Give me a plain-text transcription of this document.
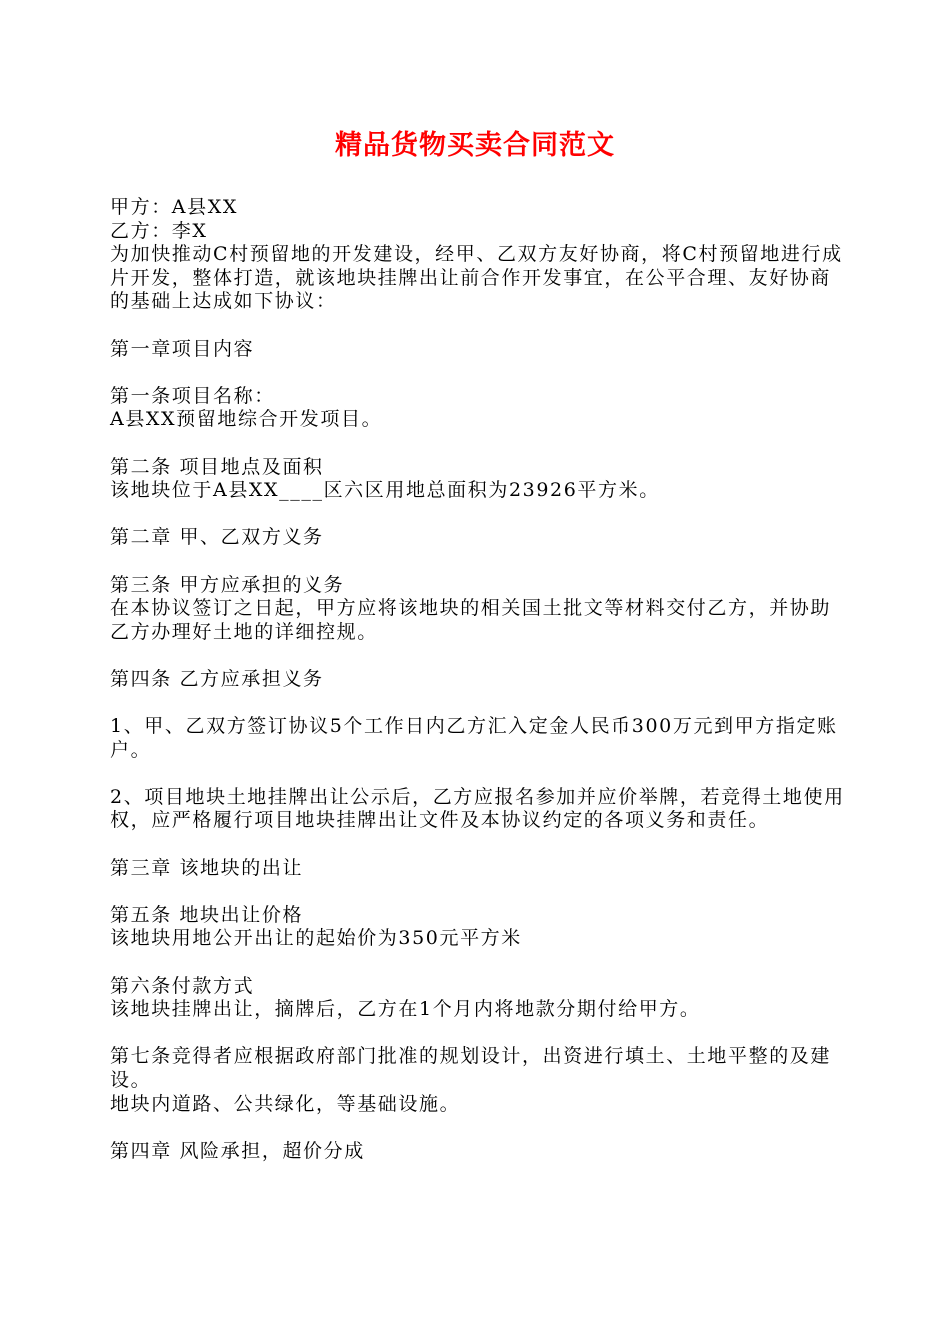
精品货物买卖合同范文

甲方：A县XX

乙方：李X

为加快推动C村预留地的开发建设，经甲、乙双方友好协商，将C村预留地进行成片开发，整体打造，就该地块挂牌出让前合作开发事宜，在公平合理、友好协商的基础上达成如下协议：

第一章项目内容

第一条项目名称：

A县XX预留地综合开发项目。

第二条 项目地点及面积

该地块位于A县XX____区六区用地总面积为23926平方米。

第二章 甲、乙双方义务

第三条 甲方应承担的义务

在本协议签订之日起，甲方应将该地块的相关国土批文等材料交付乙方，并协助乙方办理好土地的详细控规。

第四条 乙方应承担义务

1、甲、乙双方签订协议5个工作日内乙方汇入定金人民币300万元到甲方指定账户。

2、项目地块土地挂牌出让公示后，乙方应报名参加并应价举牌，若竞得土地使用权，应严格履行项目地块挂牌出让文件及本协议约定的各项义务和责任。

第三章 该地块的出让

第五条 地块出让价格

该地块用地公开出让的起始价为350元平方米

第六条付款方式

该地块挂牌出让，摘牌后，乙方在1个月内将地款分期付给甲方。

第七条竞得者应根据政府部门批准的规划设计，出资进行填土、土地平整的及建设。

地块内道路、公共绿化，等基础设施。

第四章 风险承担，超价分成
